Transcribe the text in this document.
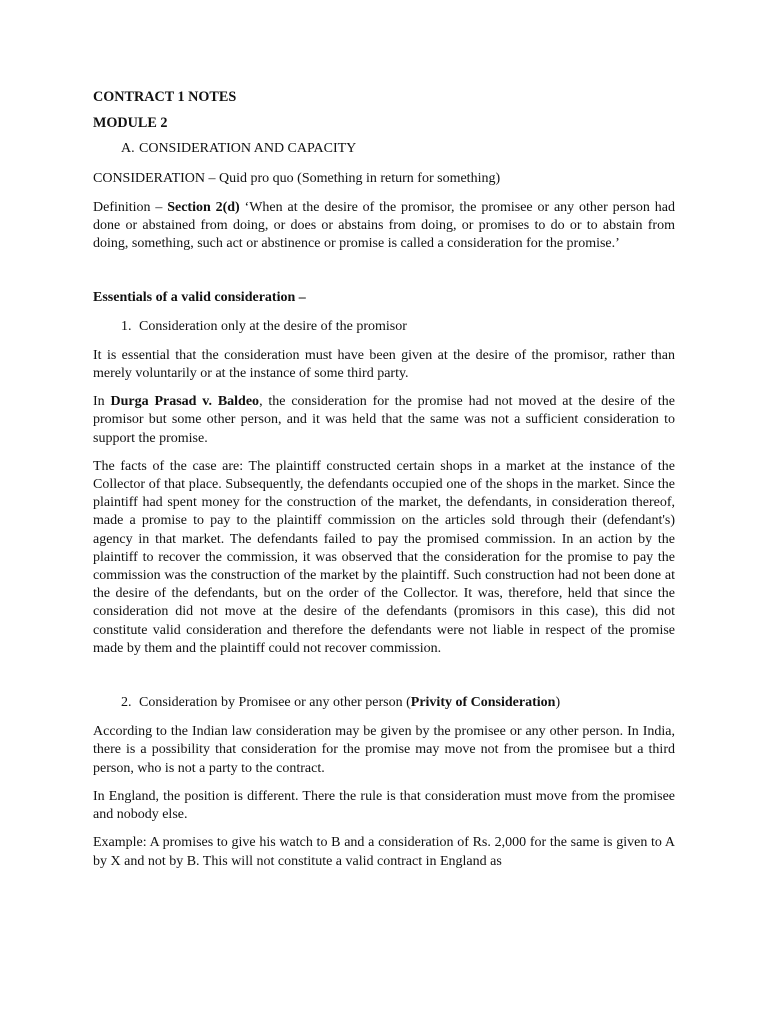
CONTRACT 1 NOTES

MODULE 2

A. CONSIDERATION AND CAPACITY

CONSIDERATION – Quid pro quo (Something in return for something)

Definition – Section 2(d) ‘When at the desire of the promisor, the promisee or any other person had done or abstained from doing, or does or abstains from doing, or promises to do or to abstain from doing, something, such act or abstinence or promise is called a consideration for the promise.’

Essentials of a valid consideration –

1. Consideration only at the desire of the promisor

It is essential that the consideration must have been given at the desire of the promisor, rather than merely voluntarily or at the instance of some third party.

In Durga Prasad v. Baldeo, the consideration for the promise had not moved at the desire of the promisor but some other person, and it was held that the same was not a sufficient consideration to support the promise.

The facts of the case are: The plaintiff constructed certain shops in a market at the instance of the Collector of that place. Subsequently, the defendants occupied one of the shops in the market. Since the plaintiff had spent money for the construction of the market, the defendants, in consideration thereof, made a promise to pay to the plaintiff commission on the articles sold through their (defendant's) agency in that market. The defendants failed to pay the promised commission. In an action by the plaintiff to recover the commission, it was observed that the consideration for the promise to pay the commission was the construction of the market by the plaintiff. Such construction had not been done at the desire of the defendants, but on the order of the Collector. It was, therefore, held that since the consideration did not move at the desire of the defendants (promisors in this case), this did not constitute valid consideration and therefore the defendants were not liable in respect of the promise made by them and the plaintiff could not recover commission.

2. Consideration by Promisee or any other person (Privity of Consideration)

According to the Indian law consideration may be given by the promisee or any other person. In India, there is a possibility that consideration for the promise may move not from the promisee but a third person, who is not a party to the contract.

In England, the position is different. There the rule is that consideration must move from the promisee and nobody else.

Example: A promises to give his watch to B and a consideration of Rs. 2,000 for the same is given to A by X and not by B. This will not constitute a valid contract in England as
